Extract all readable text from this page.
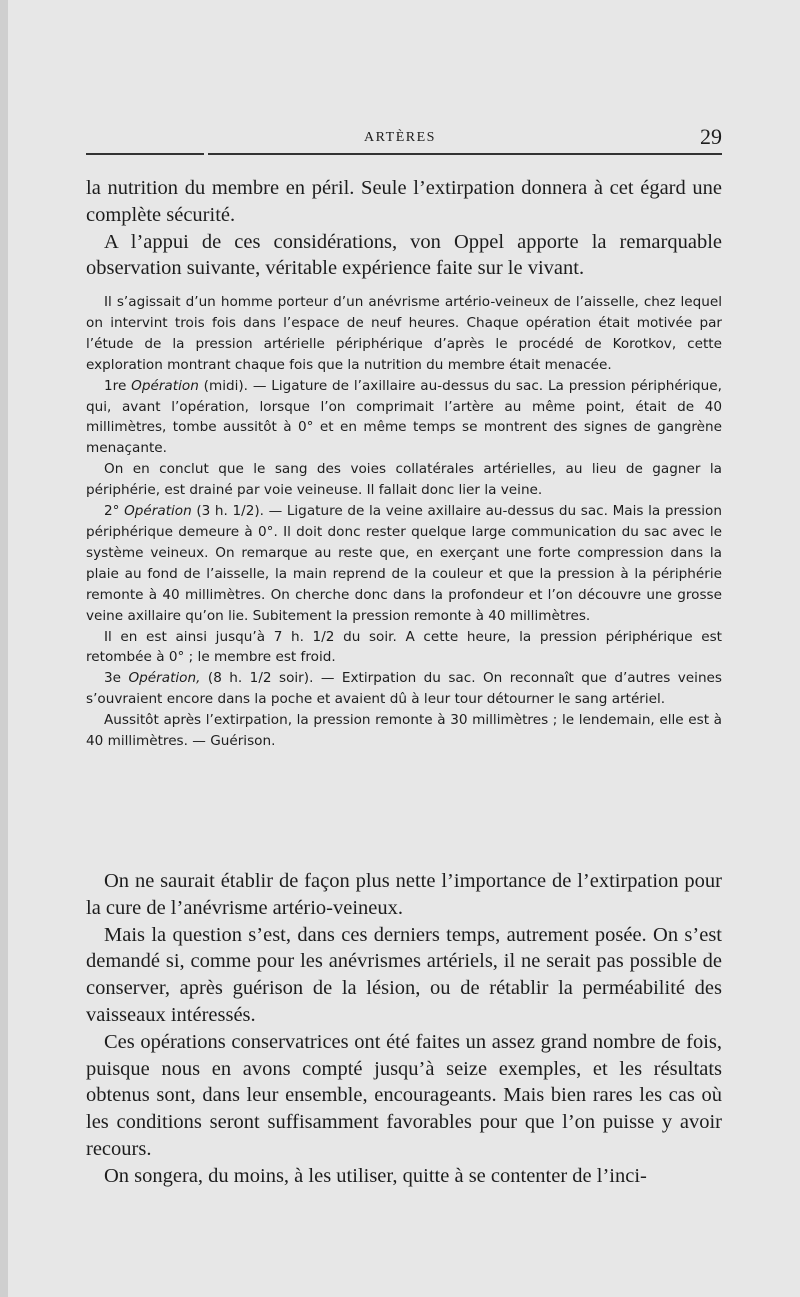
ARTÈRES	29

la nutrition du membre en péril. Seule l’extirpation donnera à cet égard une complète sécurité.

A l’appui de ces considérations, von Oppel apporte la remarquable observation suivante, véritable expérience faite sur le vivant.

Il s’agissait d’un homme porteur d’un anévrisme artério-veineux de l’aisselle, chez lequel on intervint trois fois dans l’espace de neuf heures. Chaque opération était motivée par l’étude de la pression artérielle périphérique d’après le procédé de Korotkov, cette exploration montrant chaque fois que la nutrition du membre était menacée.

1re Opération (midi). — Ligature de l’axillaire au-dessus du sac. La pression périphérique, qui, avant l’opération, lorsque l’on comprimait l’artère au même point, était de 40 millimètres, tombe aussitôt à 0° et en même temps se montrent des signes de gangrène menaçante.

On en conclut que le sang des voies collatérales artérielles, au lieu de gagner la périphérie, est drainé par voie veineuse. Il fallait donc lier la veine.

2° Opération (3 h. 1/2). — Ligature de la veine axillaire au-dessus du sac. Mais la pression périphérique demeure à 0°. Il doit donc rester quelque large communication du sac avec le système veineux. On remarque au reste que, en exerçant une forte compression dans la plaie au fond de l’aisselle, la main reprend de la couleur et que la pression à la périphérie remonte à 40 millimètres. On cherche donc dans la profondeur et l’on découvre une grosse veine axillaire qu’on lie. Subitement la pression remonte à 40 millimètres.

Il en est ainsi jusqu’à 7 h. 1/2 du soir. A cette heure, la pression périphérique est retombée à 0° ; le membre est froid.

3e Opération, (8 h. 1/2 soir). — Extirpation du sac. On reconnaît que d’autres veines s’ouvraient encore dans la poche et avaient dû à leur tour détourner le sang artériel.

Aussitôt après l’extirpation, la pression remonte à 30 millimètres ; le lendemain, elle est à 40 millimètres. — Guérison.

On ne saurait établir de façon plus nette l’importance de l’extirpation pour la cure de l’anévrisme artério-veineux.

Mais la question s’est, dans ces derniers temps, autrement posée. On s’est demandé si, comme pour les anévrismes artériels, il ne serait pas possible de conserver, après guérison de la lésion, ou de rétablir la perméabilité des vaisseaux intéressés.

Ces opérations conservatrices ont été faites un assez grand nombre de fois, puisque nous en avons compté jusqu’à seize exemples, et les résultats obtenus sont, dans leur ensemble, encourageants. Mais bien rares les cas où les conditions seront suffisamment favorables pour que l’on puisse y avoir recours.

On songera, du moins, à les utiliser, quitte à se contenter de l’inci-
